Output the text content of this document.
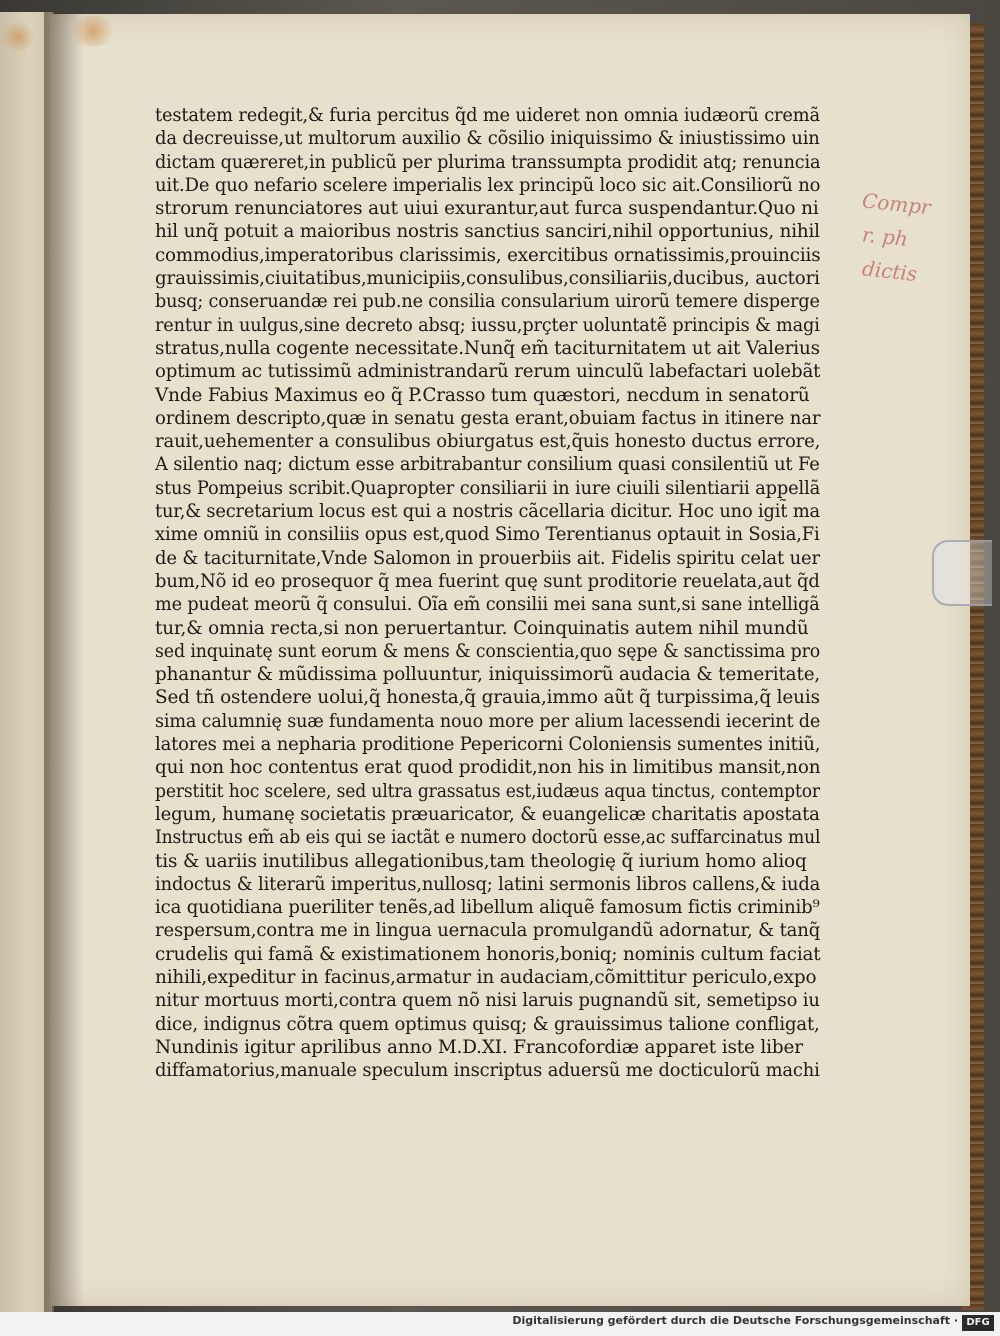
testatem redegit,& furia percitus q̃d me uideret non omnia iudæorũ cremã
da decreuisse,ut multorum auxilio & cõsilio iniquissimo & iniustissimo uin
dictam quæreret,in publicũ per plurima transsumpta prodidit atq; renuncia
uit.De quo nefario scelere imperialis lex principũ loco sic ait.Consiliorũ no
strorum renunciatores aut uiui exurantur,aut furca suspendantur.Quo ni
hil unq̃ potuit a maioribus nostris sanctius sanciri,nihil opportunius, nihil
commodius,imperatoribus clarissimis, exercitibus ornatissimis,prouinciis
grauissimis,ciuitatibus,municipiis,consulibus,consiliariis,ducibus, auctori
busq; conseruandæ rei pub.ne consilia consularium uirorũ temere disperge
rentur in uulgus,sine decreto absq; iussu,prçter uoluntatẽ principis & magi
stratus,nulla cogente necessitate.Nunq̃ em̃ taciturnitatem ut ait Valerius
optimum ac tutissimũ administrandarũ rerum uinculũ labefactari uolebãt
Vnde Fabius Maximus eo q̃ P.Crasso tum quæstori, necdum in senatorũ
ordinem descripto,quæ in senatu gesta erant,obuiam factus in itinere nar
rauit,uehementer a consulibus obiurgatus est,q̃uis honesto ductus errore,
A silentio naq; dictum esse arbitrabantur consilium quasi consilentiũ ut Fe
stus Pompeius scribit.Quapropter consiliarii in iure ciuili silentiarii appellã
tur,& secretarium locus est qui a nostris cãcellaria dicitur. Hoc uno igit̃ ma
xime omniũ in consiliis opus est,quod Simo Terentianus optauit in Sosia,Fi
de & taciturnitate,Vnde Salomon in prouerbiis ait. Fidelis spiritu celat uer
bum,Nõ id eo prosequor q̃ mea fuerint quę sunt proditorie reuelata,aut q̃d
me pudeat meorũ q̃ consului. Oĩa em̃ consilii mei sana sunt,si sane intelligã
tur,& omnia recta,si non peruertantur. Coinquinatis autem nihil mundũ
sed inquinatę sunt eorum & mens & conscientia,quo sępe & sanctissima pro
phanantur & mũdissima polluuntur, iniquissimorũ audacia & temeritate,
Sed tñ ostendere uolui,q̃ honesta,q̃ grauia,immo aũt q̃ turpissima,q̃ leuis
sima calumnię suæ fundamenta nouo more per alium lacessendi iecerint de
latores mei a nepharia proditione Pepericorni Coloniensis sumentes initiũ,
qui non hoc contentus erat quod prodidit,non his in limitibus mansit,non
perstitit hoc scelere, sed ultra grassatus est,iudæus aqua tinctus, contemptor
legum, humanę societatis præuaricator, & euangelicæ charitatis apostata
Instructus em̃ ab eis qui se iactãt e numero doctorũ esse,ac suffarcinatus mul
tis & uariis inutilibus allegationibus,tam theologię q̃ iurium homo alioq
indoctus & literarũ imperitus,nullosq; latini sermonis libros callens,& iuda
ica quotidiana pueriliter tenẽs,ad libellum aliquẽ famosum fictis criminib⁹
respersum,contra me in lingua uernacula promulgandũ adornatur, & tanq̃
crudelis qui famã & existimationem honoris,boniq; nominis cultum faciat
nihili,expeditur in facinus,armatur in audaciam,cõmittitur periculo,expo
nitur mortuus morti,contra quem nõ nisi laruis pugnandũ sit, semetipso iu
dice, indignus cõtra quem optimus quisq; & grauissimus talione confligat,
Nundinis igitur aprilibus anno M.D.XI. Francofordiæ apparet iste liber
diffamatorius,manuale speculum inscriptus aduersũ me docticulorũ machi
Compr
r. ph
dictis
Digitalisierung gefördert durch die Deutsche Forschungsgemeinschaft · DFG
